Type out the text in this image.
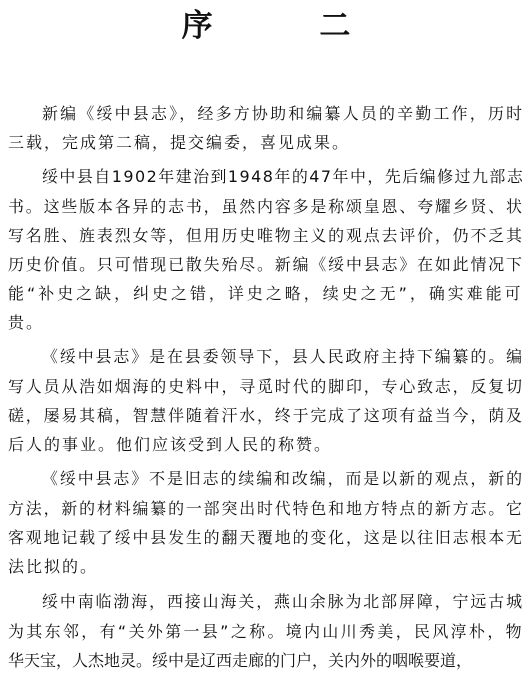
序 二
新编《绥中县志》，经多方协助和编纂人员的辛勤工作，历时
三载，完成第二稿，提交编委，喜见成果。
绥中县自1902年建治到1948年的47年中，先后编修过九部志
书。这些版本各异的志书，虽然内容多是称颂皇恩、夸耀乡贤、状
写名胜、旌表烈女等，但用历史唯物主义的观点去评价，仍不乏其
历史价值。只可惜现已散失殆尽。新编《绥中县志》在如此情况下
能“补史之缺，纠史之错，详史之略，续史之无”，确实难能可
贵。
《绥中县志》是在县委领导下，县人民政府主持下编纂的。编
写人员从浩如烟海的史料中，寻觅时代的脚印，专心致志，反复切
磋，屡易其稿，智慧伴随着汗水，终于完成了这项有益当今，荫及
后人的事业。他们应该受到人民的称赞。
《绥中县志》不是旧志的续编和改编，而是以新的观点，新的
方法，新的材料编纂的一部突出时代特色和地方特点的新方志。它
客观地记载了绥中县发生的翻天覆地的变化，这是以往旧志根本无
法比拟的。
绥中南临渤海，西接山海关，燕山余脉为北部屏障，宁远古城
为其东邻，有“关外第一县”之称。境内山川秀美，民风淳朴，物
华天宝，人杰地灵。绥中是辽西走廊的门户，关内外的咽喉要道，
